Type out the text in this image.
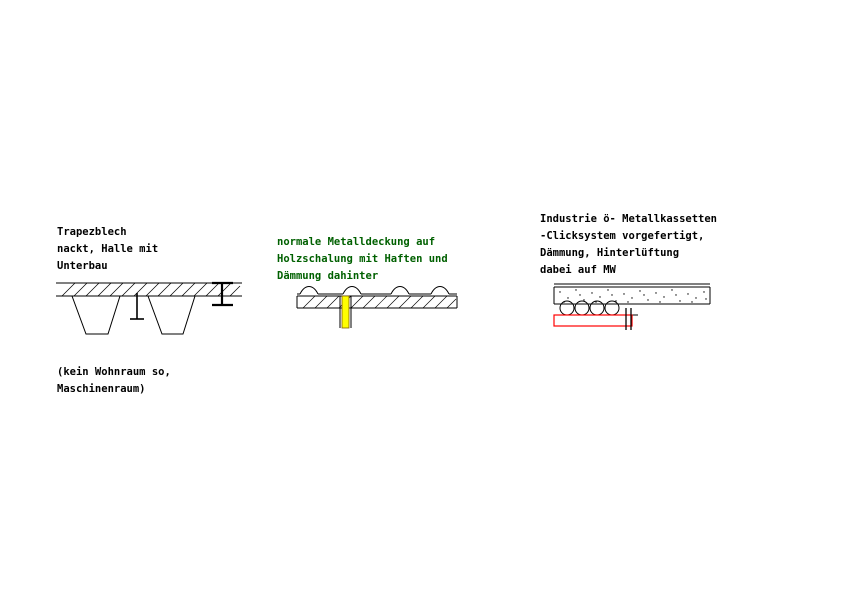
Trapezblech
nackt, Halle mit
Unterbau
(kein Wohnraum so,
Maschinenraum)
normale Metalldeckung auf
Holzschalung mit Haften und
Dämmung dahinter
Industrie ö- Metallkassetten
-Clicksystem vorgefertigt,
Dämmung, Hinterlüftung
dabei auf MW
